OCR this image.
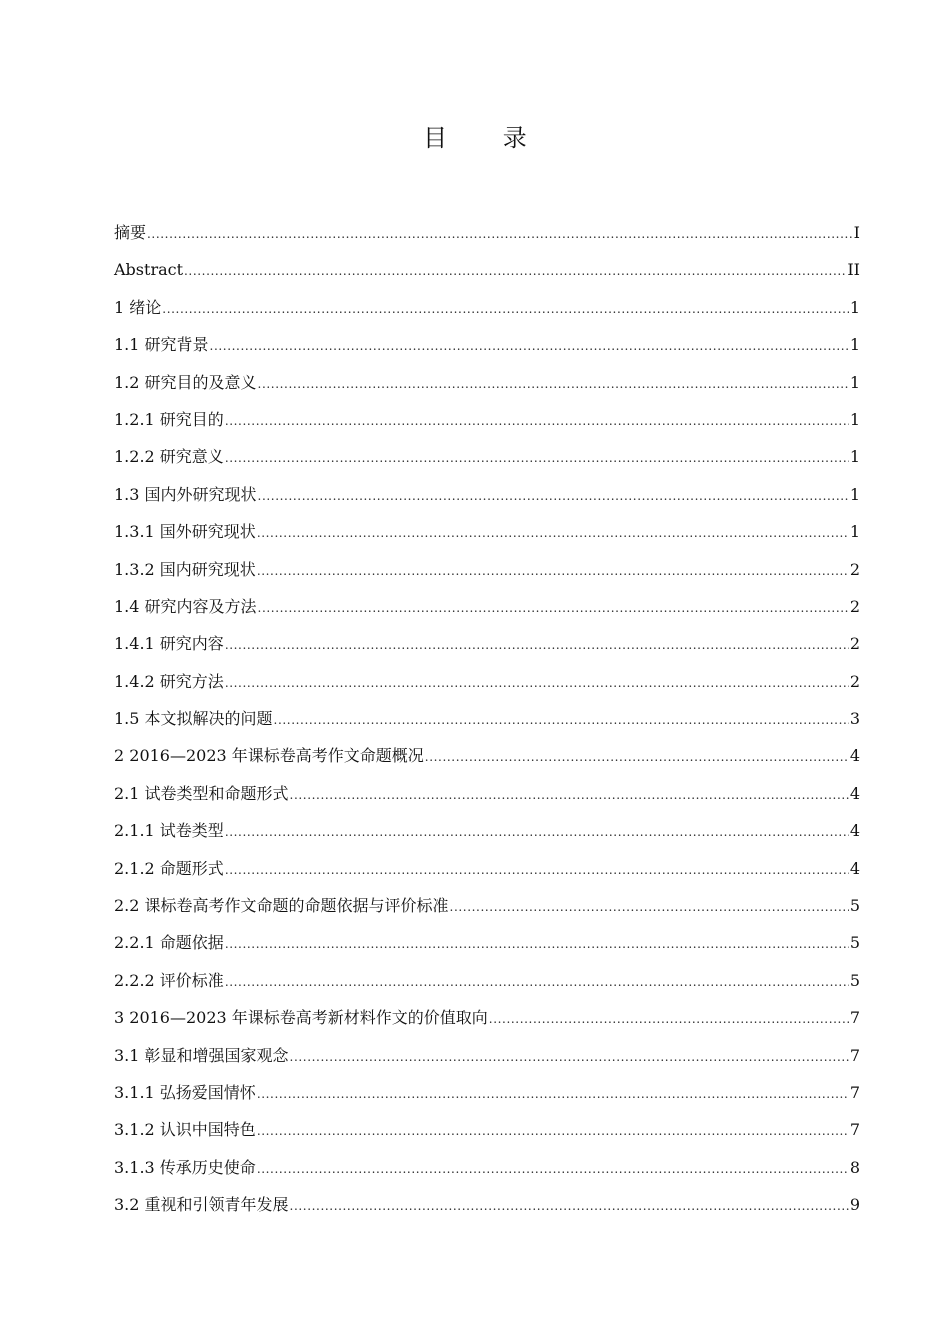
目 录
摘要 .....	I
Abstract .....	II
1 绪论 .....	1
1.1 研究背景 .....	1
1.2 研究目的及意义 .....	1
1.2.1 研究目的 .....	1
1.2.2 研究意义 .....	1
1.3 国内外研究现状 .....	1
1.3.1 国外研究现状 .....	1
1.3.2 国内研究现状 .....	2
1.4 研究内容及方法 .....	2
1.4.1 研究内容 .....	2
1.4.2 研究方法 .....	2
1.5 本文拟解决的问题 .....	3
2 2016—2023 年课标卷高考作文命题概况 .....	4
2.1 试卷类型和命题形式 .....	4
2.1.1 试卷类型 .....	4
2.1.2 命题形式 .....	4
2.2 课标卷高考作文命题的命题依据与评价标准 .....	5
2.2.1 命题依据 .....	5
2.2.2 评价标准 .....	5
3 2016—2023 年课标卷高考新材料作文的价值取向 .....	7
3.1 彰显和增强国家观念 .....	7
3.1.1 弘扬爱国情怀 .....	7
3.1.2 认识中国特色 .....	7
3.1.3 传承历史使命 .....	8
3.2 重视和引领青年发展 .....	9
